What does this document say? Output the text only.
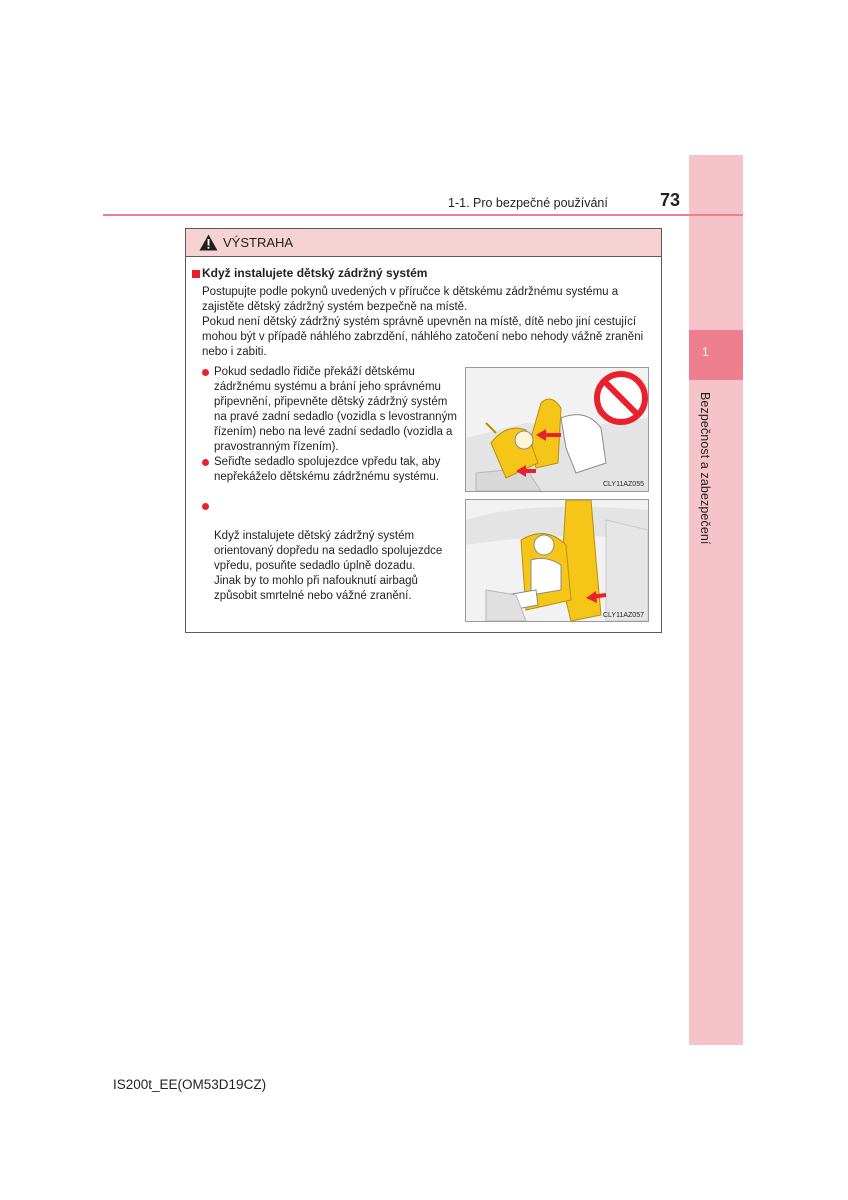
1
Bezpečnost a zabezpečení
1-1. Pro bezpečné používání	73
VÝSTRAHA
Když instalujete dětský zádržný systém

Postupujte podle pokynů uvedených v příručce k dětskému zádržnému systému a zajistěte dětský zádržný systém bezpečně na místě.

Pokud není dětský zádržný systém správně upevněn na místě, dítě nebo jiní cestující mohou být v případě náhlého zabrzdění, náhlého zatočení nebo nehody vážně zraněni nebo i zabiti.

Pokud sedadlo řidiče překáží dětskému zádržnému systému a brání jeho správnému připevnění, připevněte dětský zádržný systém na pravé zadní sedadlo (vozidla s levostranným řízením) nebo na levé zadní sedadlo (vozidla a pravostranným řízením).
Seřiďte sedadlo spolujezdce vpředu tak, aby nepřekáželo dětskému zádržnému systému.

Když instalujete dětský zádržný systém orientovaný dopředu na sedadlo spolujezdce vpředu, posuňte sedadlo úplně dozadu.
Jinak by to mohlo při nafouknutí airbagů způsobit smrtelné nebo vážné zranění.

CLY11AZ055
CLY11AZ057
IS200t_EE(OM53D19CZ)
